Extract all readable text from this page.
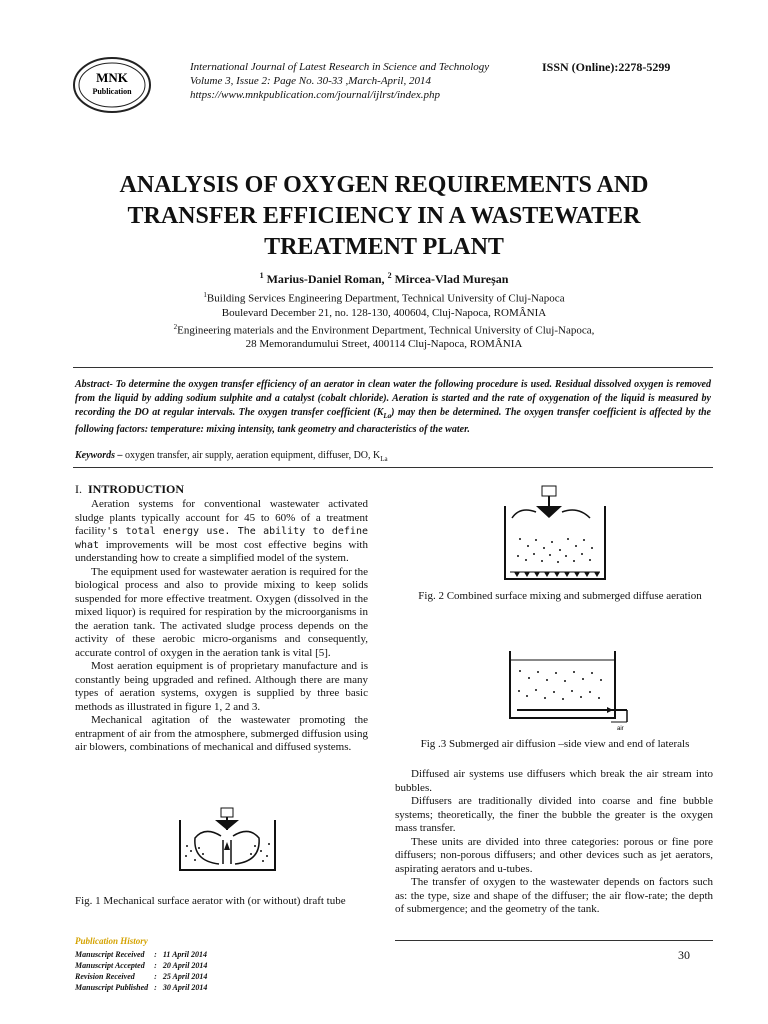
MNK
Publication
International Journal of Latest Research in Science and Technology
Volume 3, Issue 2: Page No. 30-33 ,March-April, 2014
https://www.mnkpublication.com/journal/ijlrst/index.php
ISSN (Online):2278-5299
ANALYSIS OF OXYGEN REQUIREMENTS AND
TRANSFER EFFICIENCY IN A WASTEWATER
TREATMENT PLANT
$^1$ Marius-Daniel Roman, $^2$ Mircea-Vlad Mureșan
$^1$Building Services Engineering Department, Technical University of Cluj-Napoca
Boulevard December 21, no. 128-130, 400604, Cluj-Napoca, ROMÂNIA
$^2$Engineering materials and the Environment Department, Technical University of Cluj-Napoca,
28 Memorandumului Street, 400114 Cluj-Napoca, ROMÂNIA
Abstract- To determine the oxygen transfer efficiency of an aerator in clean water the following procedure is used. Residual dissolved oxygen is removed from the liquid by adding sodium sulphite and a catalyst (cobalt chloride). Aeration is started and the rate of oxygenation of the liquid is measured by recording the DO at regular intervals. The oxygen transfer coefficient $(K_{La})$ may then be determined. The oxygen transfer coefficient is affected by the following factors: temperature: mixing intensity, tank geometry and characteristics of the water.
Keywords – oxygen transfer, air supply, aeration equipment, diffuser, DO, $K_{La}$
I. INTRODUCTION

Aeration systems for conventional wastewater activated sludge plants typically account for 45 to 60% of a treatment facility's total energy use. The ability to define what improvements will be most cost effective begins with understanding how to create a simplified model of the system.

The equipment used for wastewater aeration is required for the biological process and also to provide mixing to keep solids suspended for more effective treatment. Oxygen (dissolved in the mixed liquor) is required for respiration by the microorganisms in the aeration tank. The activated sludge process depends on the activity of these aerobic micro-organisms and consequently, accurate control of oxygen in the aeration tank is vital [5].

Most aeration equipment is of proprietary manufacture and is constantly being upgraded and refined. Although there are many types of aeration systems, oxygen is supplied by three basic methods as illustrated in figure 1, 2 and 3.

Mechanical agitation of the wastewater promoting the entrapment of air from the atmosphere, submerged diffusion using air blowers, combinations of mechanical and diffused systems.

Fig. 1 Mechanical surface aerator with (or without) draft tube
Fig. 2 Combined surface mixing and submerged diffuse aeration
air
Fig .3 Submerged air diffusion –side view and end of laterals

Diffused air systems use diffusers which break the air stream into bubbles.

Diffusers are traditionally divided into coarse and fine bubble systems; theoretically, the finer the bubble the greater is the oxygen mass transfer.

These units are divided into three categories: porous or fine pore diffusers; non-porous diffusers; and other devices such as jet aerators, aspirating aerators and u-tubes.

The transfer of oxygen to the wastewater depends on factors such as: the type, size and shape of the diffuser; the air flow-rate; the depth of submergence; and the geometry of the tank.

Publication History
Manuscript Received	:	11 April 2014
Manuscript Accepted	:	20 April 2014
Revision Received	:	25 April 2014
Manuscript Published	:	30 April 2014
30
